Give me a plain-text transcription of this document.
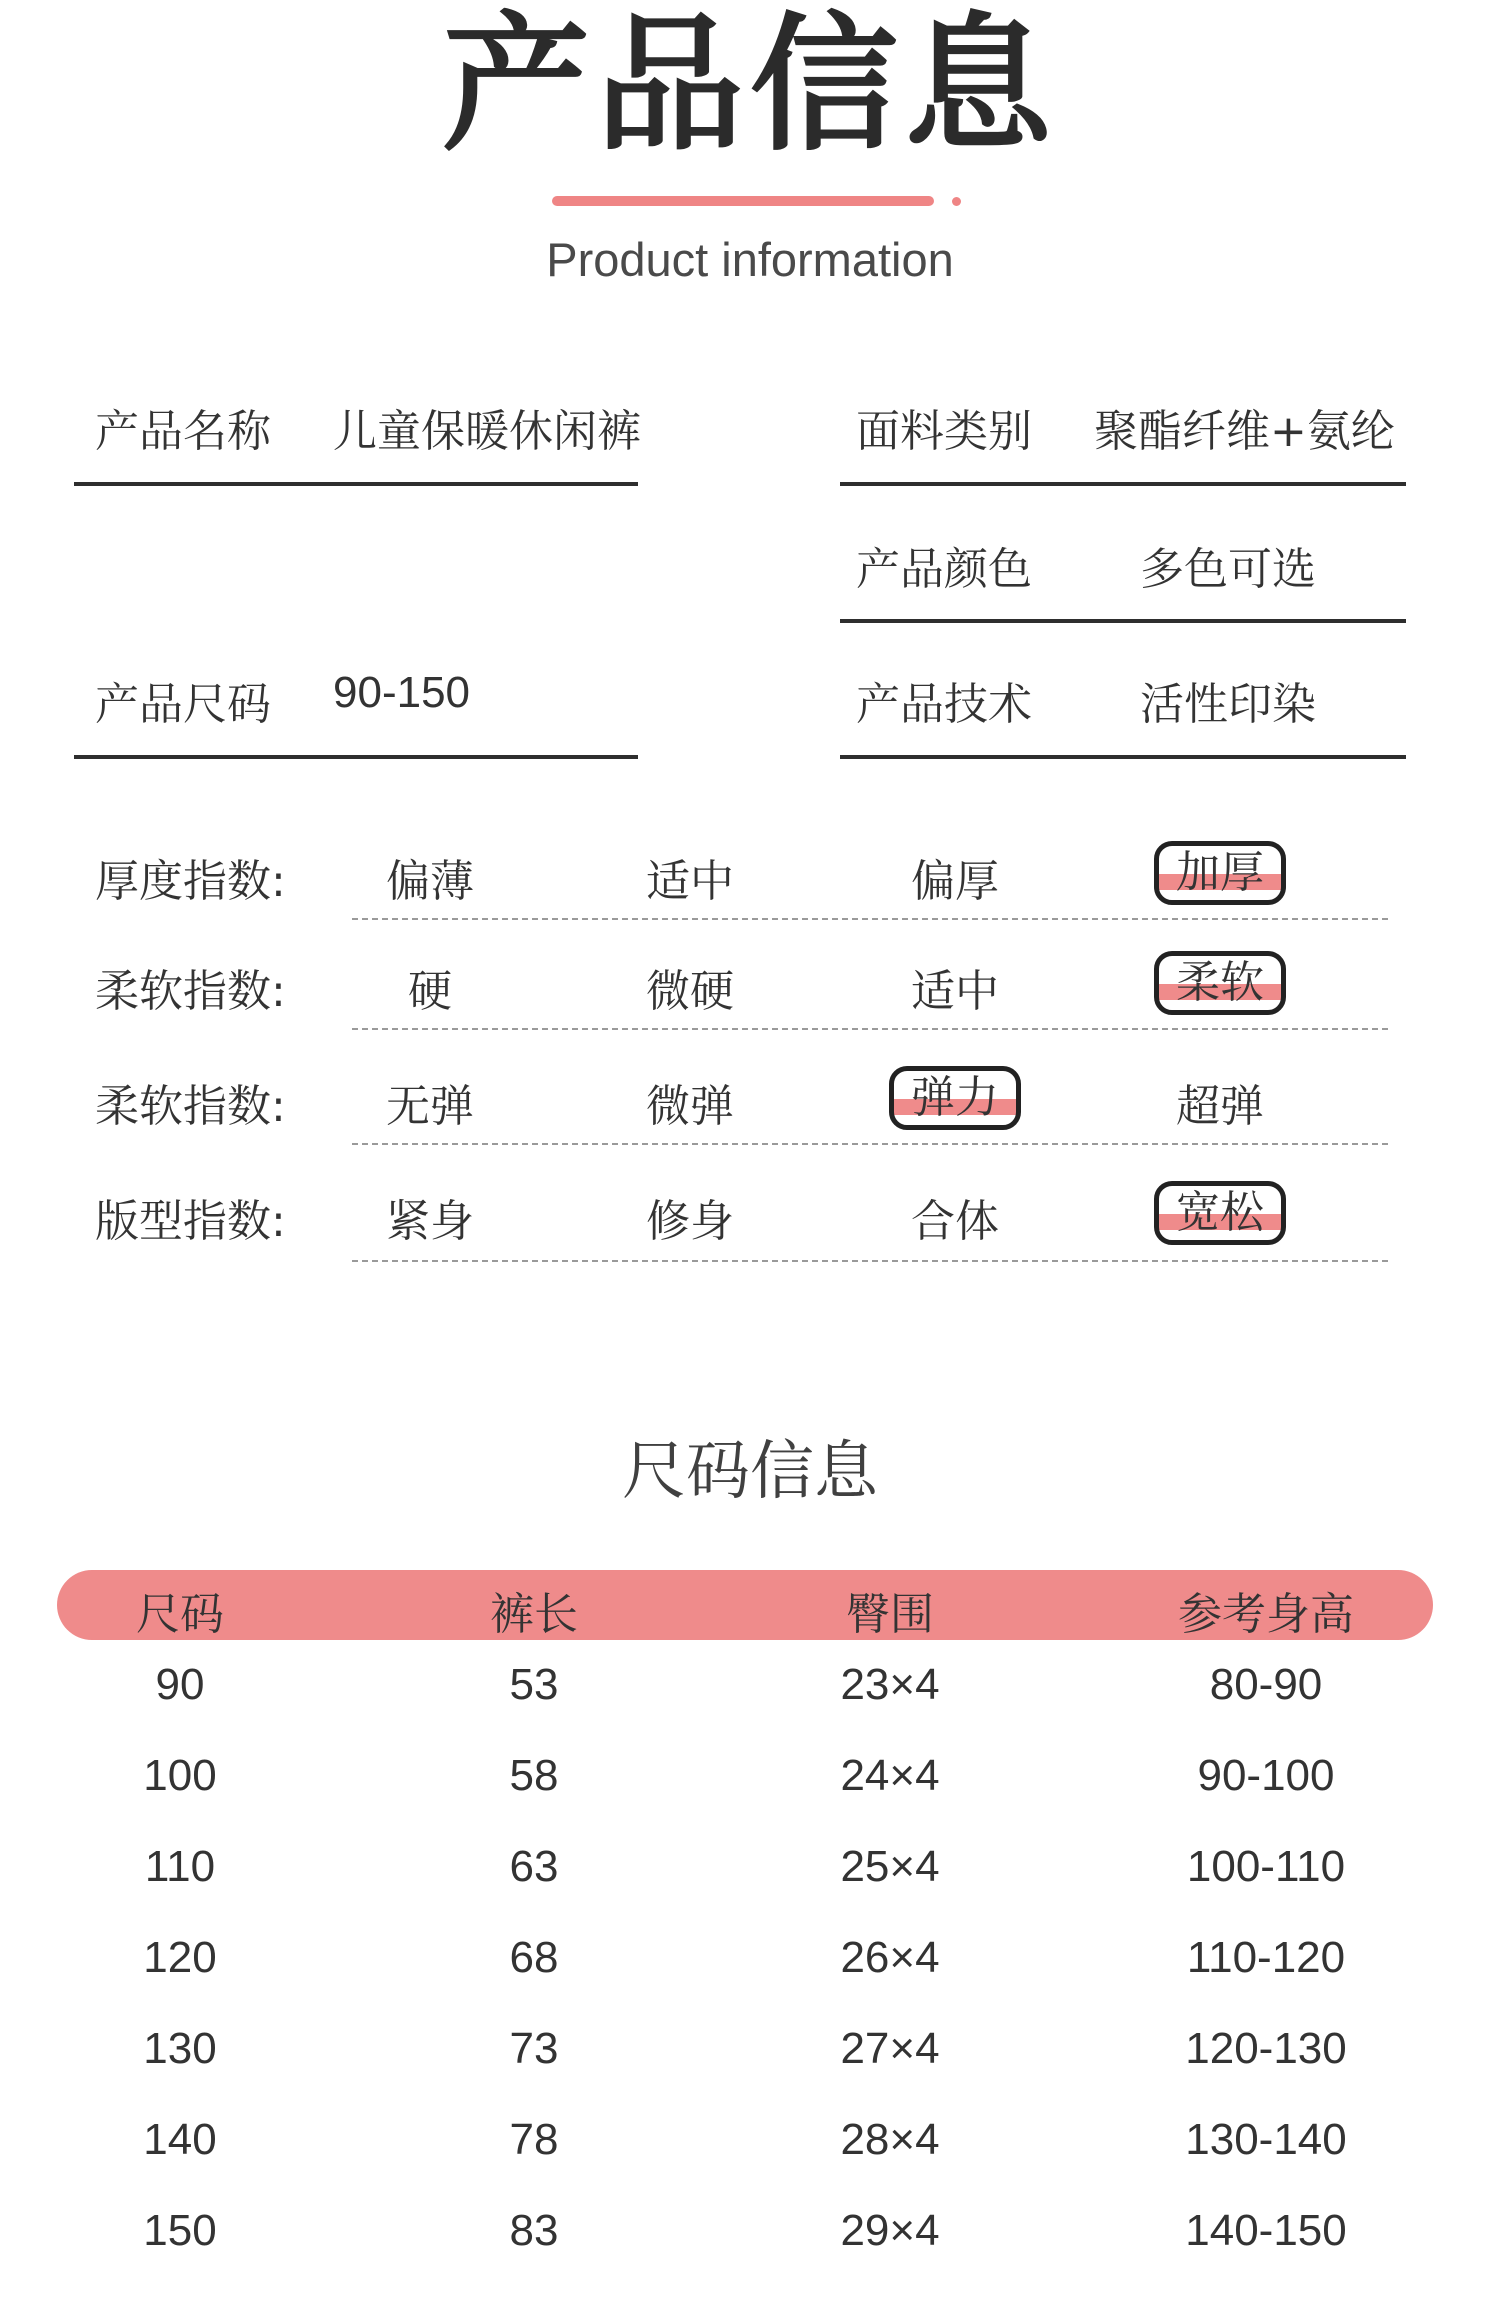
产品信息
Product information
产品名称 儿童保暖休闲裤	面料类别 聚酯纤维+氨纶
产品颜色 多色可选
产品尺码 90-150	产品技术 活性印染
厚度指数:	偏薄	适中	偏厚	加厚
柔软指数:	硬	微硬	适中	柔软
柔软指数:	无弹	微弹	弹力	超弹
版型指数:	紧身	修身	合体	宽松
尺码信息
尺码	裤长	臀围	参考身高
90	53	23×4	80-90
100	58	24×4	90-100
110	63	25×4	100-110
120	68	26×4	110-120
130	73	27×4	120-130
140	78	28×4	130-140
150	83	29×4	140-150
